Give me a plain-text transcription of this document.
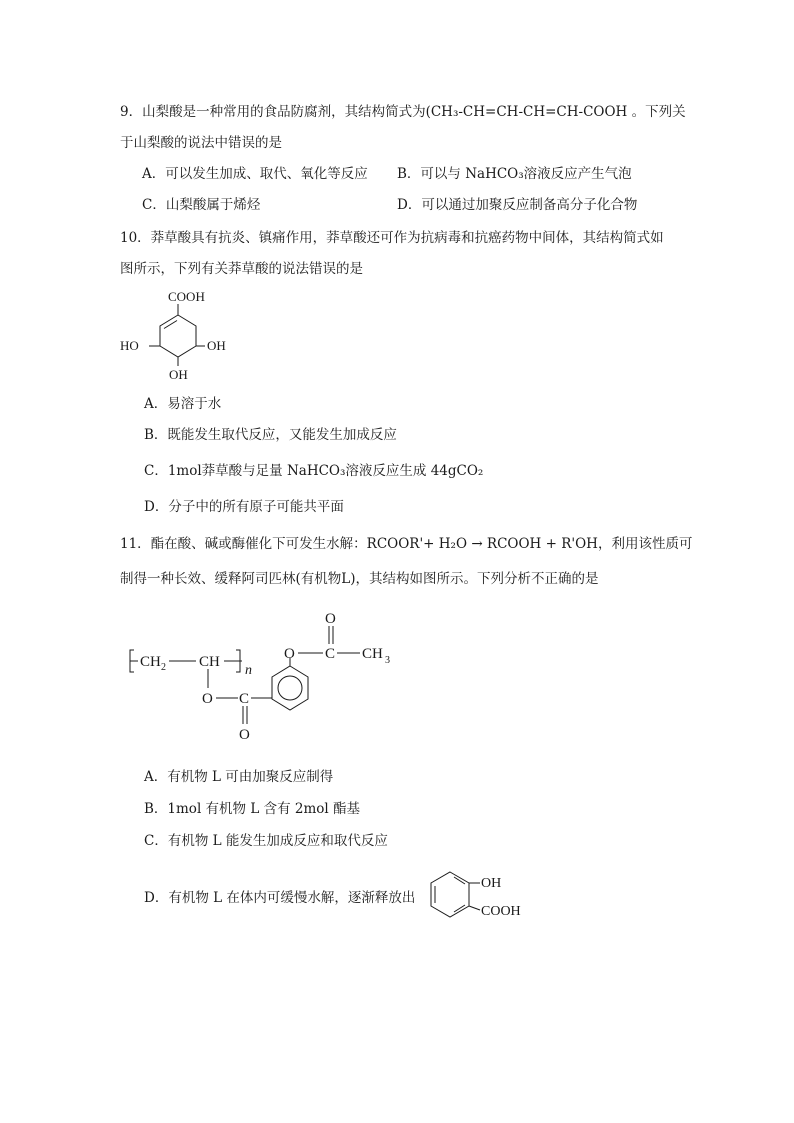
9．山梨酸是一种常用的食品防腐剂，其结构简式为(CH₃-CH=CH-CH=CH-COOH 。下列关
于山梨酸的说法中错误的是
A．可以发生加成、取代、氧化等反应 B．可以与 NaHCO₃溶液反应产生气泡
C．山梨酸属于烯烃	D．可以通过加聚反应制备高分子化合物
10．莽草酸具有抗炎、镇痛作用，莽草酸还可作为抗病毒和抗癌药物中间体，其结构简式如
图所示，下列有关莽草酸的说法错误的是
COOH
HO	OH
OH
A．易溶于水
B．既能发生取代反应，又能发生加成反应
C．1mol莽草酸与足量 NaHCO₃溶液反应生成 44gCO₂
D．分子中的所有原子可能共平面
11．酯在酸、碱或酶催化下可发生水解：RCOOR'+ H₂O → RCOOH + R'OH，利用该性质可
制得一种长效、缓释阿司匹林(有机物L)，其结构如图所示。下列分析不正确的是
CH 2 CH
n
O C
O
O C
O
CH 3
A．有机物 L 可由加聚反应制得
B．1mol 有机物 L 含有 2mol 酯基
C．有机物 L 能发生加成反应和取代反应
D．有机物 L 在体内可缓慢水解，逐渐释放出
OH
COOH
